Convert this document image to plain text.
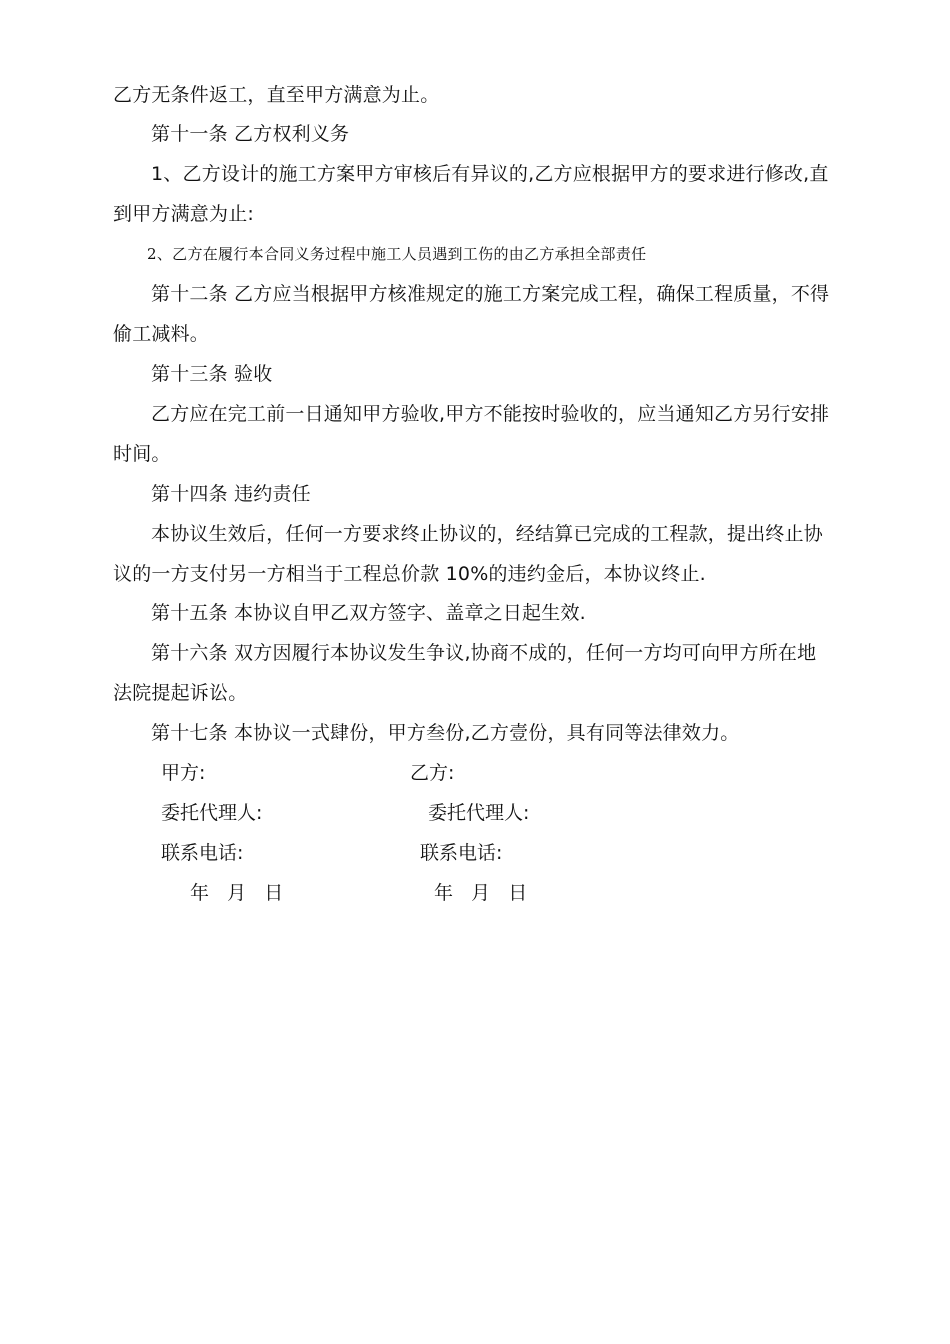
乙方无条件返工，直至甲方满意为止。
第十一条 乙方权利义务
1、乙方设计的施工方案甲方审核后有异议的,乙方应根据甲方的要求进行修改,直
到甲方满意为止:
2、乙方在履行本合同义务过程中施工人员遇到工伤的由乙方承担全部责任
第十二条 乙方应当根据甲方核准规定的施工方案完成工程，确保工程质量，不得
偷工减料。
第十三条 验收
乙方应在完工前一日通知甲方验收,甲方不能按时验收的，应当通知乙方另行安排
时间。
第十四条 违约责任
本协议生效后，任何一方要求终止协议的，经结算已完成的工程款，提出终止协
议的一方支付另一方相当于工程总价款 10%的违约金后，本协议终止.
第十五条 本协议自甲乙双方签字、盖章之日起生效.
第十六条 双方因履行本协议发生争议,协商不成的，任何一方均可向甲方所在地
法院提起诉讼。
第十七条 本协议一式肆份，甲方叁份,乙方壹份，具有同等法律效力。
甲方:	乙方:
委托代理人:	委托代理人:
联系电话:	联系电话:
年   月   日	年   月   日
